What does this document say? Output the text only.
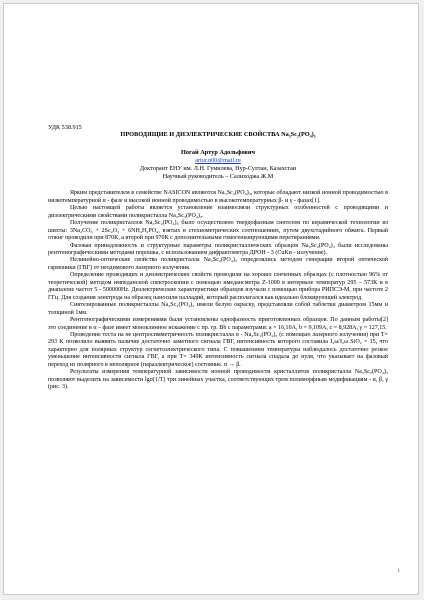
УДК 538.915

ПРОВОДЯЩИЕ И ДИЭЛЕКТРИЧЕСКИЕ СВОЙСТВА Na₃Sc₂(PO₄)₃

Ногай Артур Адольфович

artur.n00@mail.ru

Докторант ЕНУ им. Л.Н. Гумилева, Нур-Султан, Казахстан

Научный руководитель – Салиходжа Ж.М

Ярким представителем в семействе NASICON являются Na₃Sc₂(PO₄)₃, которые обладают низкой ионной проводимостью в низкотемпературной α - фазе и высокой ионной проводимостью в высокотемпературных β- и γ - фазах[1].

Целью настоящей работы является установление взаимосвязи структурных особенностей с проводящими и диэлектрическими свойствами поликристалла Na₃Sc₂(PO₄)₃.

Получение поликристаллов Na₃Sc₂(PO₄)₃ было осуществлено твердофазным синтезом по керамической технологии из шихты: 3Na₂CO₃ + 2Sc₂O₃ + 6NH₄H₂PO₄, взятых в стехиометрических соотношениях, путем двухстадийного обжига. Первый отжиг проводили при 870К, а второй при 970К с дополнительными гомогенизирующими перетираниями.

Фазовая принадлежность и структурные параметры поликристаллических образцов Na₃Sc₂(PO₄)₃ были исследованы рентгенографическими методами порошка, с использованием дифрактометра ДРОН - 3 (CuKα - излучение).

Нелинейно-оптические свойства поликристалла Na₃Sc₂(PO₄)₃ определялись методом генерации второй оптической гармоники (ГВГ) от неодимового лазерного излучения.

Определение проводящих и диэлектрических свойств проводили на хорошо спеченных образцах (с плотностью 96% от теоретической) методом импедансной спектроскопии с помощью имеданcметра Z-1000 в интервале температур 295 – 573К и в диапазоне частот 5 - 500000Hz. Диэлектрические характеристики образцов изучали с помощью прибора РИПСЭ-М, при частоте 2 ГГц. Для создания электрода на образец наносили палладий, который располагался как идеально блокирующий электрод.

Синтезированные поликристаллы Na₃Sc₂(PO₄)₃ имели белую окраску, представляли собой таблетки диаметром 15мм и толщиной 1мм.

Рентгенографическими измерениями были установлены однофазность приготовленных образцов. По данным работы[2] это соединение в α – фазе имеет моноклинное искажение с пр. гр. Bb с параметрами: a = 16,10A, b = 9,109A, c = 8,928A, γ = 127,15.

Проведение теста на не центросимметричность поликристалла α - Na₃Sc₂(PO₄)₃ (с помощью лазерного излучения) при T= 293 K позволило выявить наличие достаточно заметного сигнала ГВГ, интенсивность которого составила I₂ω/I₂ω SiO₂ = 15, что характерно для полярных структур сегнетоэлектрического типа. С повышением температуры наблюдалось достаточно резкое уменьшение интенсивности сигнала ГВГ, а при T= 349К интенсивность сигнала спадала до нуля, что указывает на фазовый переход из полярного в неполярное (параэлектрическое) состояние. α → β.

Результаты измерения температурной зависимости ионной проводимости кристаллитов поликристалла Na₃Sc₂(PO₄)₃ позволяют выделить на зависимости lgσ(1/T) три линейных участка, соответствующих трем полиморфным модификациям - α, β, γ (рис. 3).

1
